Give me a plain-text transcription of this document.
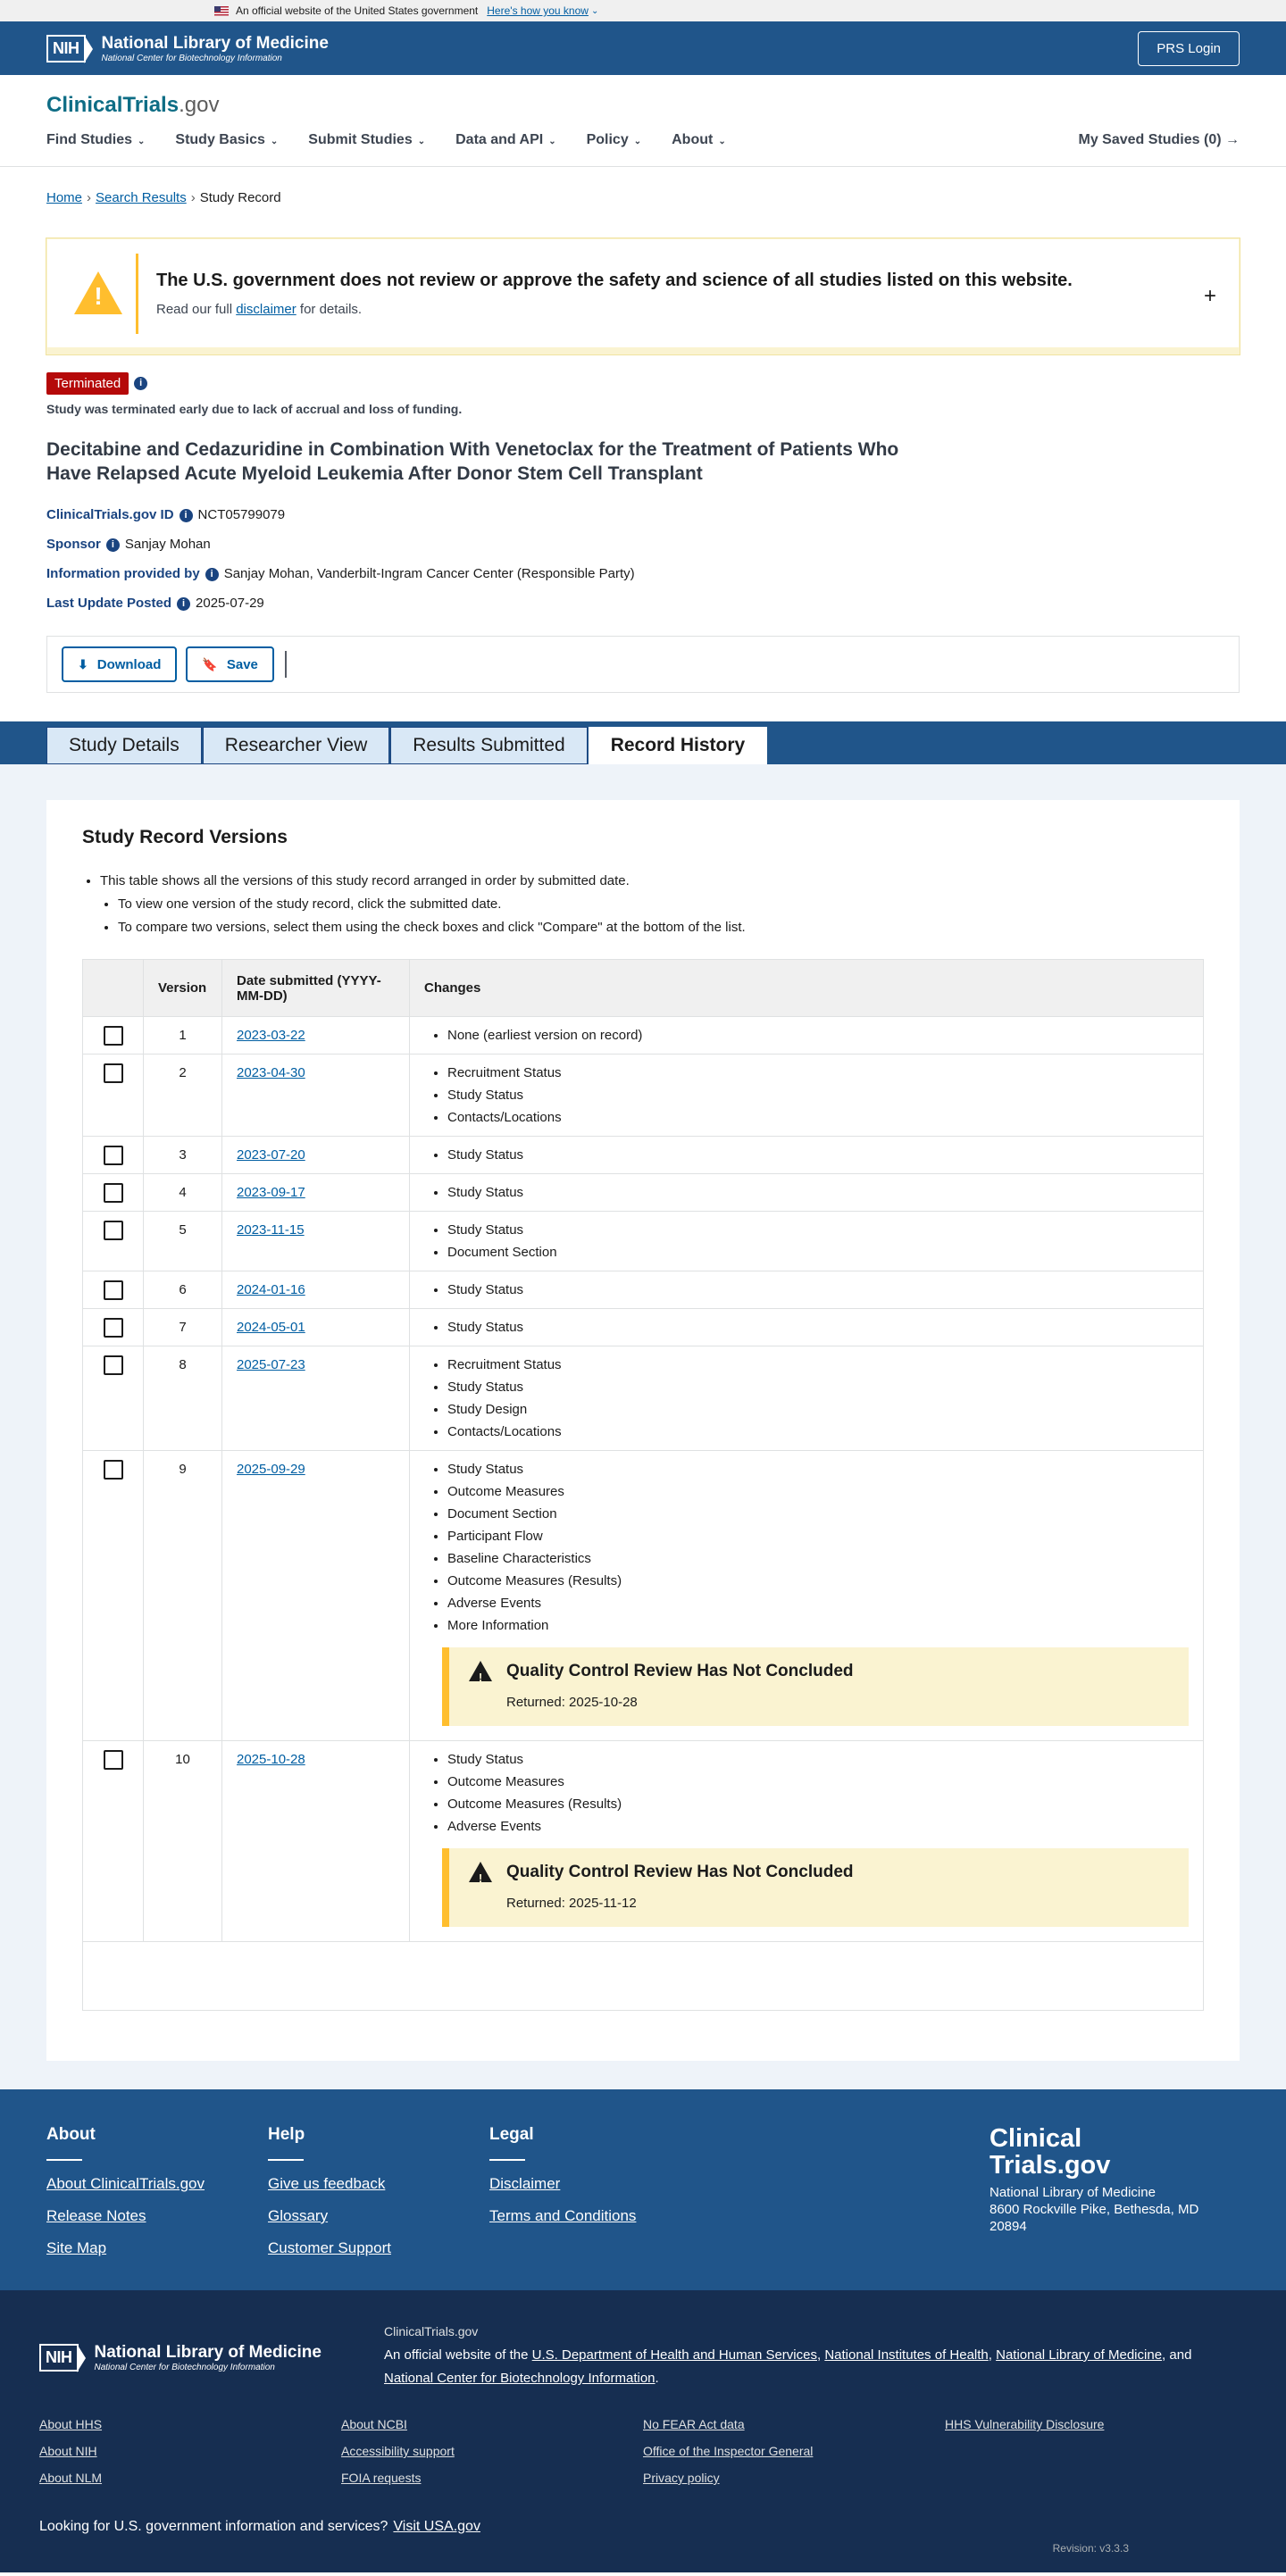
An official website of the United States government Here's how you know ⌄
NIH	National Library of Medicine
National Center for Biotechnology Information
PRS Login
ClinicalTrials.gov
Find Studies ⌄ Study Basics ⌄ Submit Studies ⌄ Data and API ⌄ Policy ⌄ About ⌄	My Saved Studies (0) →
Home › Search Results › Study Record
!
The U.S. government does not review or approve the safety and science of all studies listed on this website.
Read our full disclaimer for details.
+
Terminated i
Study was terminated early due to lack of accrual and loss of funding.
Decitabine and Cedazuridine in Combination With Venetoclax for the Treatment of Patients Who Have Relapsed Acute Myeloid Leukemia After Donor Stem Cell Transplant
ClinicalTrials.gov ID i NCT05799079
Sponsor i Sanjay Mohan
Information provided by i Sanjay Mohan, Vanderbilt-Ingram Cancer Center (Responsible Party)
Last Update Posted i 2025-07-29
⬇ Download	🔖 Save
Study Details	Researcher View	Results Submitted	Record History
Study Record Versions
• This table shows all the versions of this study record arranged in order by submitted date.
• To view one version of the study record, click the submitted date.
• To compare two versions, select them using the check boxes and click "Compare" at the bottom of the list.
Version	Date submitted (YYYY-MM-DD)	Changes
1	2023-03-22	• None (earliest version on record)
2	2023-04-30	• Recruitment Status
• Study Status
• Contacts/Locations
3	2023-07-20	• Study Status
4	2023-09-17	• Study Status
5	2023-11-15	• Study Status
• Document Section
6	2024-01-16	• Study Status
7	2024-05-01	• Study Status
8	2025-07-23	• Recruitment Status
• Study Status
• Study Design
• Contacts/Locations
9	2025-09-29	• Study Status
• Outcome Measures
• Document Section
• Participant Flow
• Baseline Characteristics
• Outcome Measures (Results)
• Adverse Events
• More Information
!	Quality Control Review Has Not Concluded
Returned: 2025-10-28
10	2025-10-28	• Study Status
• Outcome Measures
• Outcome Measures (Results)
• Adverse Events
!	Quality Control Review Has Not Concluded
Returned: 2025-11-12
About
About ClinicalTrials.gov
Release Notes
Site Map
Help
Give us feedback
Glossary
Customer Support
Legal
Disclaimer
Terms and Conditions
Clinical
Trials.gov
National Library of Medicine
8600 Rockville Pike, Bethesda, MD 20894
NIH	National Library of Medicine
National Center for Biotechnology Information
ClinicalTrials.gov
An official website of the U.S. Department of Health and Human Services, National Institutes of Health, National Library of Medicine, and National Center for Biotechnology Information.
About HHS
About NIH
About NLM
About NCBI
Accessibility support
FOIA requests
No FEAR Act data
Office of the Inspector General
Privacy policy
HHS Vulnerability Disclosure
Looking for U.S. government information and services? Visit USA.gov
Revision: v3.3.3
